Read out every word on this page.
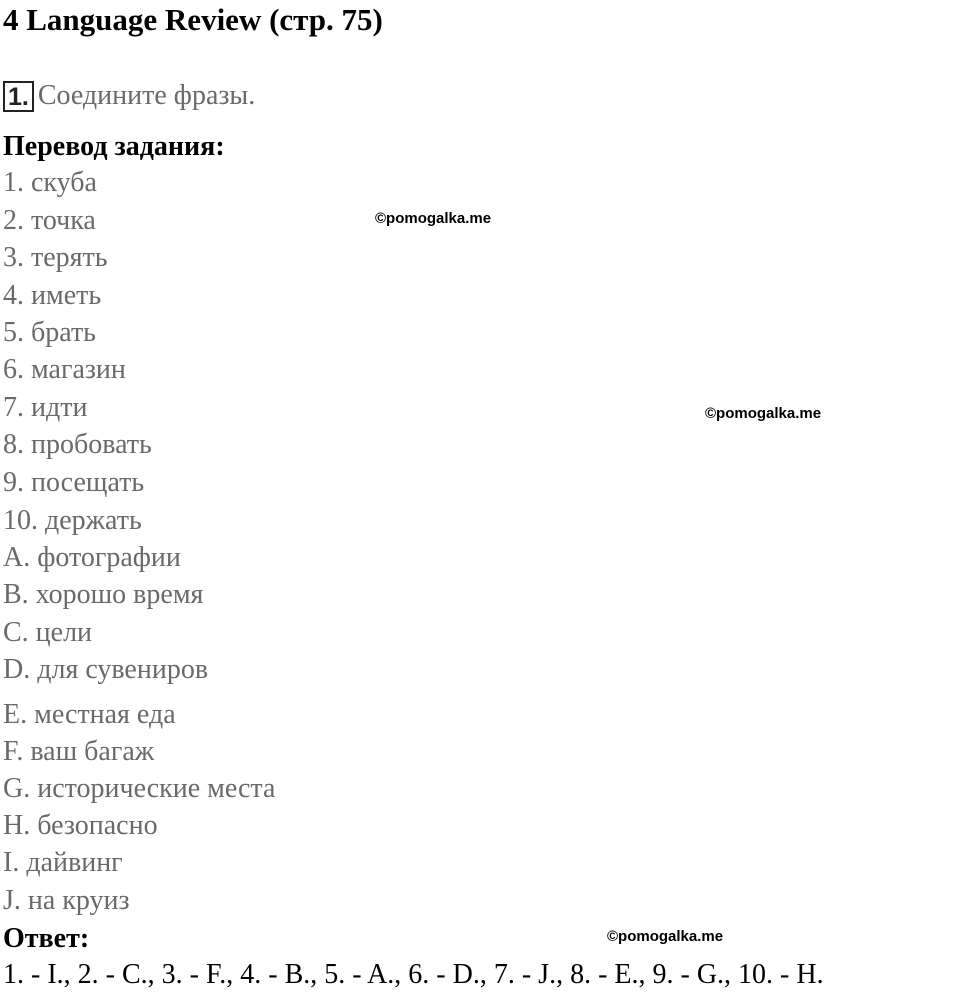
4 Language Review (стр. 75)
1. Соедините фразы.
Перевод задания:
1. скуба
2. точка
3. терять
4. иметь
5. брать
6. магазин
7. идти
8. пробовать
9. посещать
10. держать
A. фотографии
B. хорошо время
C. цели
D. для сувениров
E. местная еда
F. ваш багаж
G. исторические места
H. безопасно
I. дайвинг
J. на круиз
Ответ:
1. - I., 2. - C., 3. - F., 4. - B., 5. - A., 6. - D., 7. - J., 8. - E., 9. - G., 10. - H.
©pomogalka.me
©pomogalka.me
©pomogalka.me
